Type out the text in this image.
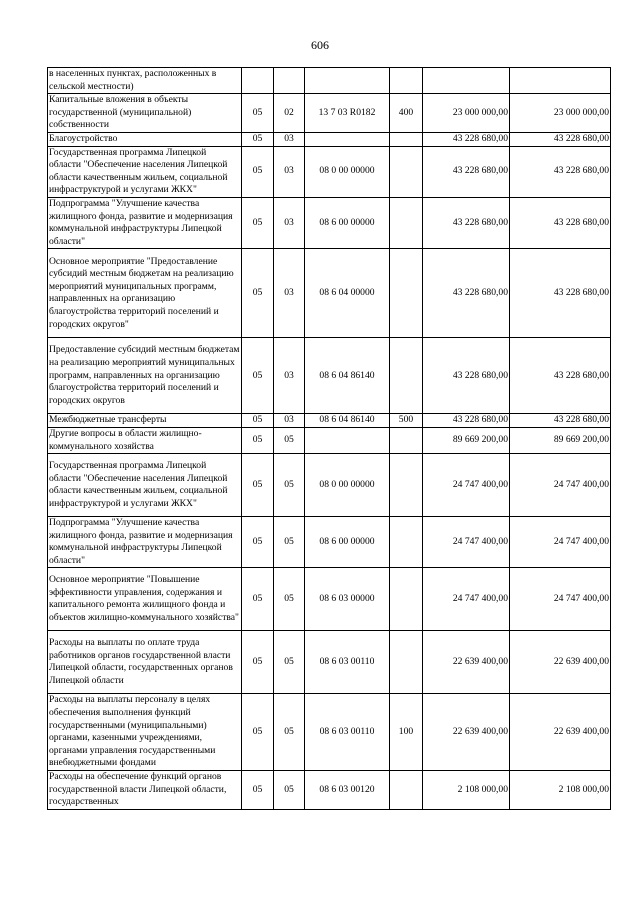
606
в населенных пунктах, расположенных в сельской местности)						
Капитальные вложения в объекты государственной (муниципальной) собственности	05	02	13 7 03 R0182	400	23 000 000,00	23 000 000,00
Благоустройство	05	03			43 228 680,00	43 228 680,00
Государственная программа Липецкой области "Обеспечение населения Липецкой области качественным жильем, социальной инфраструктурой и услугами ЖКХ"	05	03	08 0 00 00000		43 228 680,00	43 228 680,00
Подпрограмма "Улучшение качества жилищного фонда, развитие и модернизация коммунальной инфраструктуры Липецкой области"	05	03	08 6 00 00000		43 228 680,00	43 228 680,00
Основное мероприятие "Предоставление субсидий местным бюджетам на реализацию мероприятий муниципальных программ, направленных на организацию благоустройства территорий поселений и городских округов"	05	03	08 6 04 00000		43 228 680,00	43 228 680,00
Предоставление субсидий местным бюджетам на реализацию мероприятий муниципальных программ, направленных на организацию благоустройства территорий поселений и городских округов	05	03	08 6 04 86140		43 228 680,00	43 228 680,00
Межбюджетные трансферты	05	03	08 6 04 86140	500	43 228 680,00	43 228 680,00
Другие вопросы в области жилищно-коммунального хозяйства	05	05			89 669 200,00	89 669 200,00
Государственная программа Липецкой области "Обеспечение населения Липецкой области качественным жильем, социальной инфраструктурой и услугами ЖКХ"	05	05	08 0 00 00000		24 747 400,00	24 747 400,00
Подпрограмма "Улучшение качества жилищного фонда, развитие и модернизация коммунальной инфраструктуры Липецкой области"	05	05	08 6 00 00000		24 747 400,00	24 747 400,00
Основное мероприятие "Повышение эффективности управления, содержания и капитального ремонта жилищного фонда и объектов жилищно-коммунального хозяйства"	05	05	08 6 03 00000		24 747 400,00	24 747 400,00
Расходы на выплаты по оплате труда работников органов государственной власти Липецкой области, государственных органов Липецкой области	05	05	08 6 03 00110		22 639 400,00	22 639 400,00
Расходы на выплаты персоналу в целях обеспечения выполнения функций государственными (муниципальными) органами, казенными учреждениями, органами управления государственными внебюджетными фондами	05	05	08 6 03 00110	100	22 639 400,00	22 639 400,00
Расходы на обеспечение функций органов государственной власти Липецкой области, государственных	05	05	08 6 03 00120		2 108 000,00	2 108 000,00
